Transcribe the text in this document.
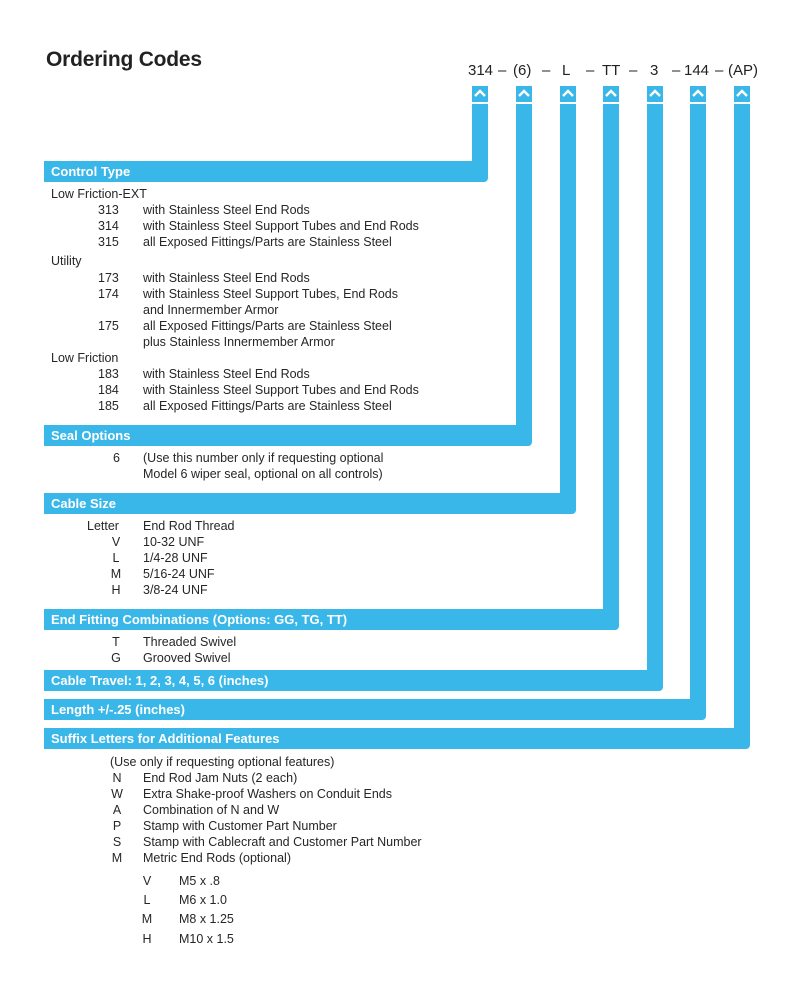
Ordering Codes	314 – (6) – L – TT – 3 – 144 – (AP)
Control Type
Seal Options
Cable Size
End Fitting Combinations (Options: GG, TG, TT)
Cable Travel: 1, 2, 3, 4, 5, 6 (inches)
Length +/-.25 (inches)
Suffix Letters for Additional Features
Low Friction-EXT
313 with Stainless Steel End Rods
314 with Stainless Steel Support Tubes and End Rods
315 all Exposed Fittings/Parts are Stainless Steel
Utility
173 with Stainless Steel End Rods
174 with Stainless Steel Support Tubes, End Rods
and Innermember Armor
175 all Exposed Fittings/Parts are Stainless Steel
plus Stainless Innermember Armor
Low Friction
183 with Stainless Steel End Rods
184 with Stainless Steel Support Tubes and End Rods
185 all Exposed Fittings/Parts are Stainless Steel
6 (Use this number only if requesting optional
Model 6 wiper seal, optional on all controls)
Letter End Rod Thread
V 10-32 UNF
L 1/4-28 UNF
M 5/16-24 UNF
H 3/8-24 UNF
T Threaded Swivel
G Grooved Swivel
(Use only if requesting optional features)
N End Rod Jam Nuts (2 each)
W Extra Shake-proof Washers on Conduit Ends
A Combination of N and W
P Stamp with Customer Part Number
S Stamp with Cablecraft and Customer Part Number
M Metric End Rods (optional)
V M5 x .8
L M6 x 1.0
M M8 x 1.25
H M10 x 1.5
